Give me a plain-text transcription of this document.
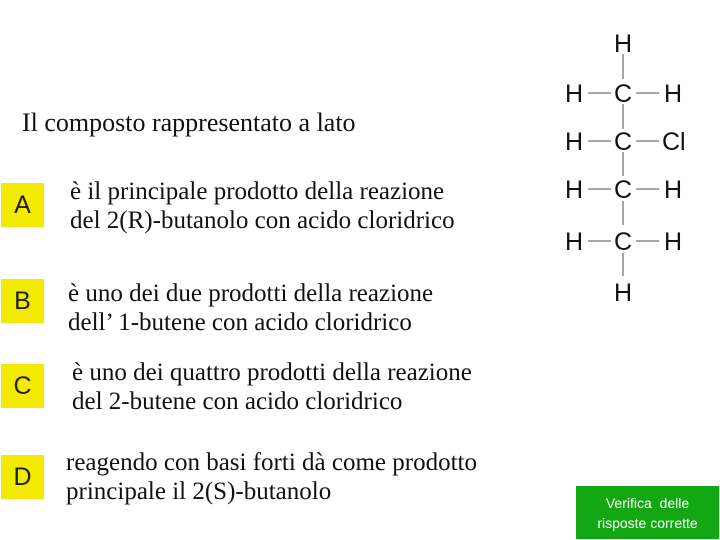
Il composto rappresentato a lato
A è il principale prodotto della reazione
del 2(R)-butanolo con acido cloridrico
B è uno dei due prodotti della reazione
dell’ 1-butene con acido cloridrico
C è uno dei quattro prodotti della reazione
del 2-butene con acido cloridrico
D reagendo con basi forti dà come prodotto
principale il 2(S)-butanolo
H
H C H
H C Cl
H C H
H C H
H
Verifica  delle
risposte corrette
